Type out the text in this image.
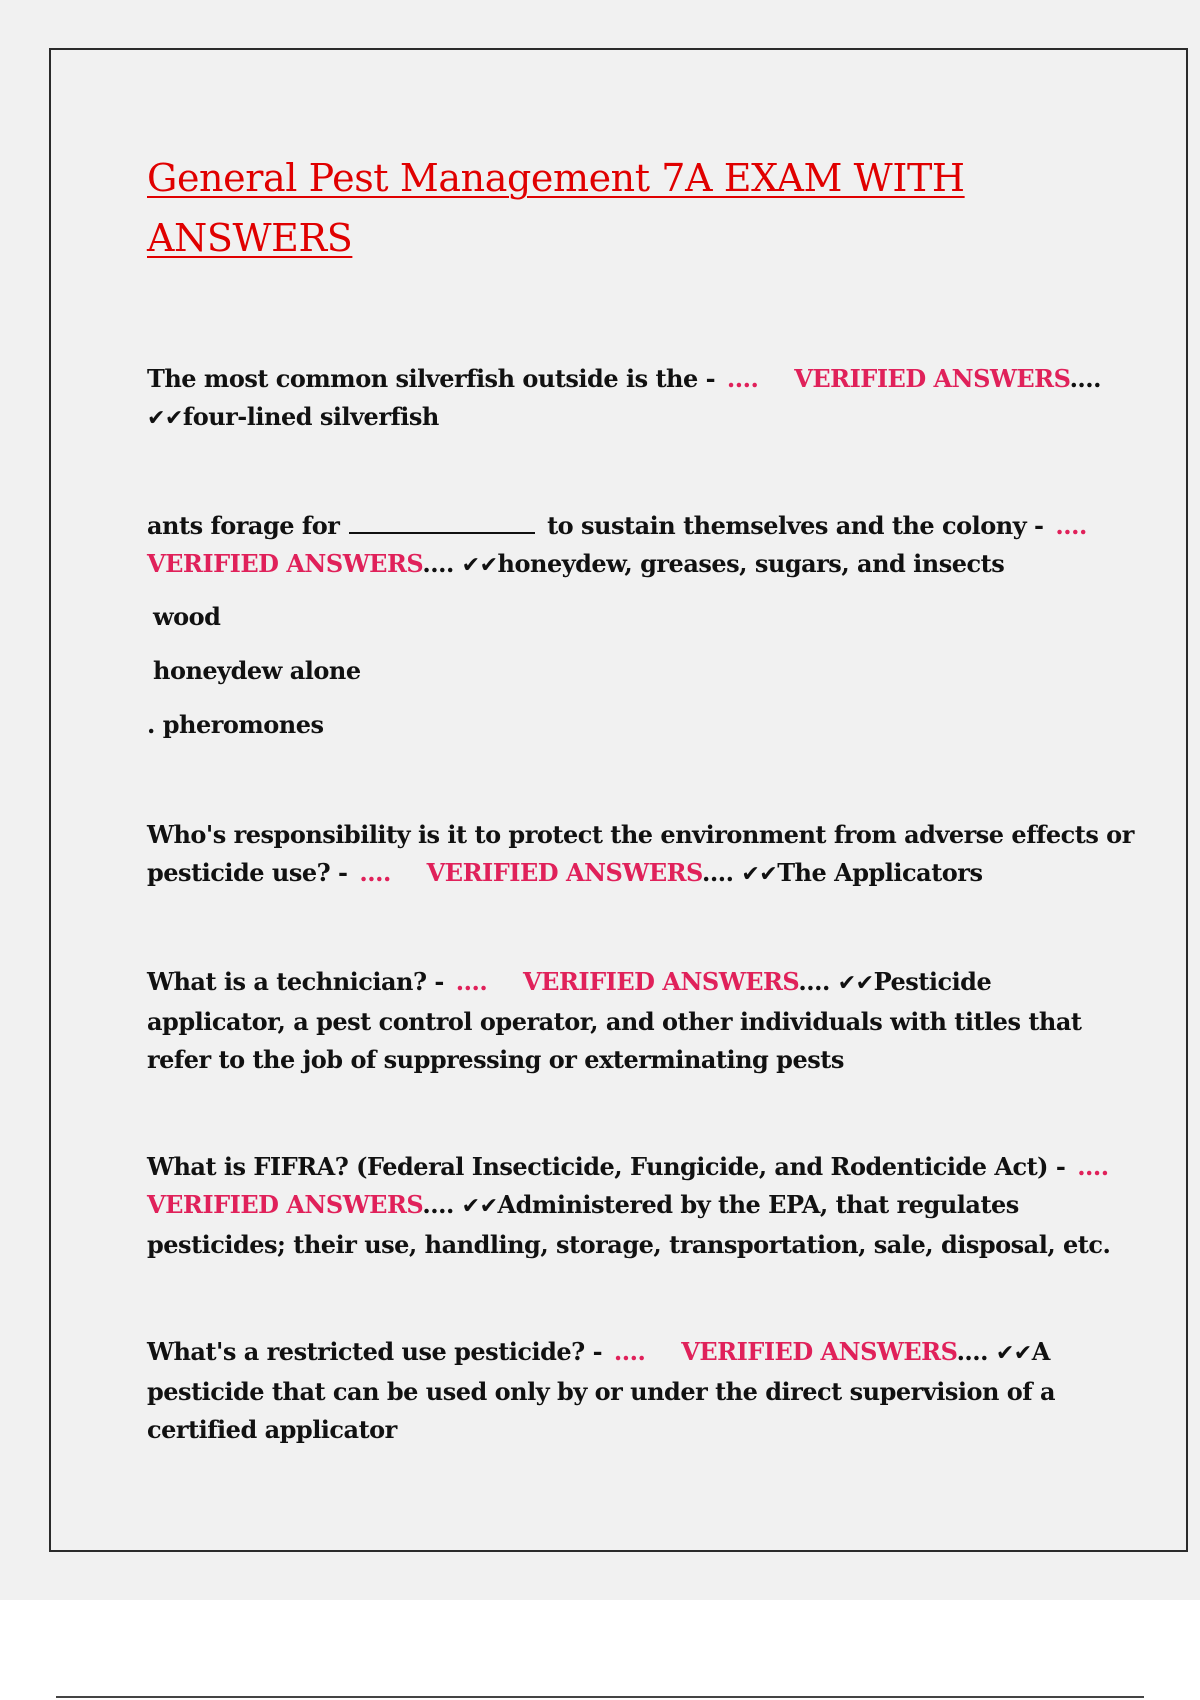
General Pest Management 7A EXAM WITH ANSWERS
The most common silverfish outside is the - .... VERIFIED ANSWERS....
✔✔four-lined silverfish
ants forage for	to sustain themselves and the colony - ....
VERIFIED ANSWERS.... ✔✔honeydew, greases, sugars, and insects
wood
honeydew alone
. pheromones
Who's responsibility is it to protect the environment from adverse effects or pesticide use? - .... VERIFIED ANSWERS.... ✔✔The Applicators
What is a technician? - .... VERIFIED ANSWERS.... ✔✔Pesticide applicator, a pest control operator, and other individuals with titles that refer to the job of suppressing or exterminating pests
What is FIFRA? (Federal Insecticide, Fungicide, and Rodenticide Act) - ....
VERIFIED ANSWERS.... ✔✔Administered by the EPA, that regulates pesticides; their use, handling, storage, transportation, sale, disposal, etc.
What's a restricted use pesticide? - .... VERIFIED ANSWERS.... ✔✔A pesticide that can be used only by or under the direct supervision of a certified applicator
